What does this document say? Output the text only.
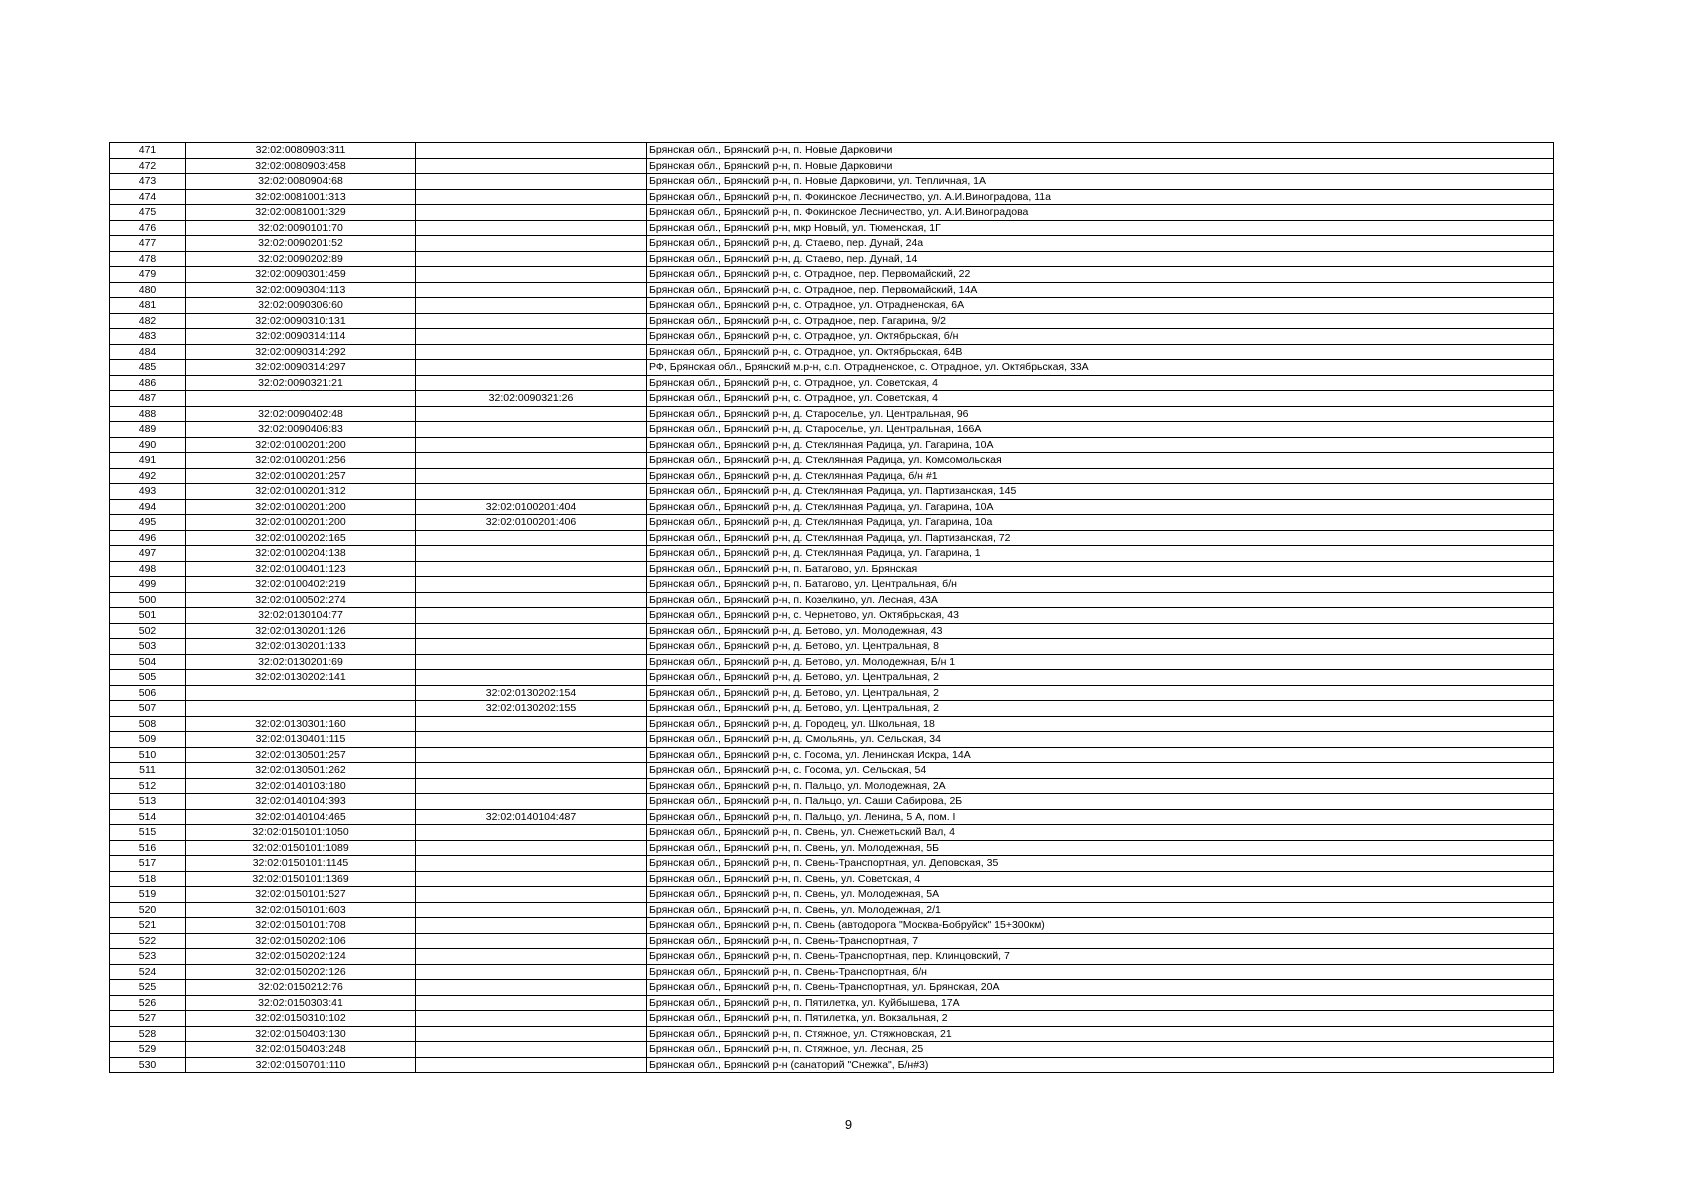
471	32:02:0080903:311		Брянская обл., Брянский р-н, п. Новые Дарковичи
472	32:02:0080903:458		Брянская обл., Брянский р-н, п. Новые Дарковичи
473	32:02:0080904:68		Брянская обл., Брянский р-н, п. Новые Дарковичи, ул. Тепличная, 1А
474	32:02:0081001:313		Брянская обл., Брянский р-н, п. Фокинское Лесничество, ул. А.И.Виноградова, 11а
475	32:02:0081001:329		Брянская обл., Брянский р-н, п. Фокинское Лесничество, ул. А.И.Виноградова
476	32:02:0090101:70		Брянская обл., Брянский р-н, мкр Новый, ул. Тюменская, 1Г
477	32:02:0090201:52		Брянская обл., Брянский р-н, д. Стаево, пер. Дунай, 24а
478	32:02:0090202:89		Брянская обл., Брянский р-н, д. Стаево, пер. Дунай, 14
479	32:02:0090301:459		Брянская обл., Брянский р-н, с. Отрадное, пер. Первомайский, 22
480	32:02:0090304:113		Брянская обл., Брянский р-н, с. Отрадное, пер. Первомайский, 14А
481	32:02:0090306:60		Брянская обл., Брянский р-н, с. Отрадное, ул. Отрадненская, 6А
482	32:02:0090310:131		Брянская обл., Брянский р-н, с. Отрадное, пер. Гагарина, 9/2
483	32:02:0090314:114		Брянская обл., Брянский р-н, с. Отрадное, ул. Октябрьская, б/н
484	32:02:0090314:292		Брянская обл., Брянский р-н, с. Отрадное, ул. Октябрьская, 64В
485	32:02:0090314:297		РФ, Брянская обл., Брянский м.р-н, с.п. Отрадненское, с. Отрадное, ул. Октябрьская, 33А
486	32:02:0090321:21		Брянская обл., Брянский р-н, с. Отрадное, ул. Советская, 4
487		32:02:0090321:26	Брянская обл., Брянский р-н, с. Отрадное, ул. Советская, 4
488	32:02:0090402:48		Брянская обл., Брянский р-н, д. Староселье, ул. Центральная, 96
489	32:02:0090406:83		Брянская обл., Брянский р-н, д. Староселье, ул. Центральная, 166А
490	32:02:0100201:200		Брянская обл., Брянский р-н, д. Стеклянная Радица, ул. Гагарина, 10А
491	32:02:0100201:256		Брянская обл., Брянский р-н, д. Стеклянная Радица, ул. Комсомольская
492	32:02:0100201:257		Брянская обл., Брянский р-н, д. Стеклянная Радица, б/н #1
493	32:02:0100201:312		Брянская обл., Брянский р-н, д. Стеклянная Радица, ул. Партизанская, 145
494	32:02:0100201:200	32:02:0100201:404	Брянская обл., Брянский р-н, д. Стеклянная Радица, ул. Гагарина, 10А
495	32:02:0100201:200	32:02:0100201:406	Брянская обл., Брянский р-н, д. Стеклянная Радица, ул. Гагарина, 10а
496	32:02:0100202:165		Брянская обл., Брянский р-н, д. Стеклянная Радица, ул. Партизанская, 72
497	32:02:0100204:138		Брянская обл., Брянский р-н, д. Стеклянная Радица, ул. Гагарина, 1
498	32:02:0100401:123		Брянская обл., Брянский р-н, п. Батагово, ул. Брянская
499	32:02:0100402:219		Брянская обл., Брянский р-н, п. Батагово, ул. Центральная, б/н
500	32:02:0100502:274		Брянская обл., Брянский р-н, п. Козелкино, ул. Лесная, 43А
501	32:02:0130104:77		Брянская обл., Брянский р-н, с. Чернетово, ул. Октябрьская, 43
502	32:02:0130201:126		Брянская обл., Брянский р-н, д. Бетово, ул. Молодежная, 43
503	32:02:0130201:133		Брянская обл., Брянский р-н, д. Бетово, ул. Центральная, 8
504	32:02:0130201:69		Брянская обл., Брянский р-н, д. Бетово, ул. Молодежная, Б/н 1
505	32:02:0130202:141		Брянская обл., Брянский р-н, д. Бетово, ул. Центральная, 2
506		32:02:0130202:154	Брянская обл., Брянский р-н, д. Бетово, ул. Центральная, 2
507		32:02:0130202:155	Брянская обл., Брянский р-н, д. Бетово, ул. Центральная, 2
508	32:02:0130301:160		Брянская обл., Брянский р-н, д. Городец, ул. Школьная, 18
509	32:02:0130401:115		Брянская обл., Брянский р-н, д. Смольянь, ул. Сельская, 34
510	32:02:0130501:257		Брянская обл., Брянский р-н, с. Госома, ул. Ленинская Искра, 14А
511	32:02:0130501:262		Брянская обл., Брянский р-н, с. Госома, ул. Сельская, 54
512	32:02:0140103:180		Брянская обл., Брянский р-н, п. Пальцо, ул. Молодежная, 2А
513	32:02:0140104:393		Брянская обл., Брянский р-н, п. Пальцо, ул. Саши Сабирова, 2Б
514	32:02:0140104:465	32:02:0140104:487	Брянская обл., Брянский р-н, п. Пальцо, ул. Ленина, 5 А, пом. I
515	32:02:0150101:1050		Брянская обл., Брянский р-н, п. Свень, ул. Снежетьский Вал, 4
516	32:02:0150101:1089		Брянская обл., Брянский р-н, п. Свень, ул. Молодежная, 5Б
517	32:02:0150101:1145		Брянская обл., Брянский р-н, п. Свень-Транспортная, ул. Деповская, 35
518	32:02:0150101:1369		Брянская обл., Брянский р-н, п. Свень, ул. Советская, 4
519	32:02:0150101:527		Брянская обл., Брянский р-н, п. Свень, ул. Молодежная, 5А
520	32:02:0150101:603		Брянская обл., Брянский р-н, п. Свень, ул. Молодежная, 2/1
521	32:02:0150101:708		Брянская обл., Брянский р-н, п. Свень (автодорога "Москва-Бобруйск" 15+300км)
522	32:02:0150202:106		Брянская обл., Брянский р-н, п. Свень-Транспортная, 7
523	32:02:0150202:124		Брянская обл., Брянский р-н, п. Свень-Транспортная, пер. Клинцовский, 7
524	32:02:0150202:126		Брянская обл., Брянский р-н, п. Свень-Транспортная, б/н
525	32:02:0150212:76		Брянская обл., Брянский р-н, п. Свень-Транспортная, ул. Брянская, 20А
526	32:02:0150303:41		Брянская обл., Брянский р-н, п. Пятилетка, ул. Куйбышева, 17А
527	32:02:0150310:102		Брянская обл., Брянский р-н, п. Пятилетка, ул. Вокзальная, 2
528	32:02:0150403:130		Брянская обл., Брянский р-н, п. Стяжное, ул. Стяжновская, 21
529	32:02:0150403:248		Брянская обл., Брянский р-н, п. Стяжное, ул. Лесная, 25
530	32:02:0150701:110		Брянская обл., Брянский р-н (санаторий "Снежка", Б/н#3)
9
